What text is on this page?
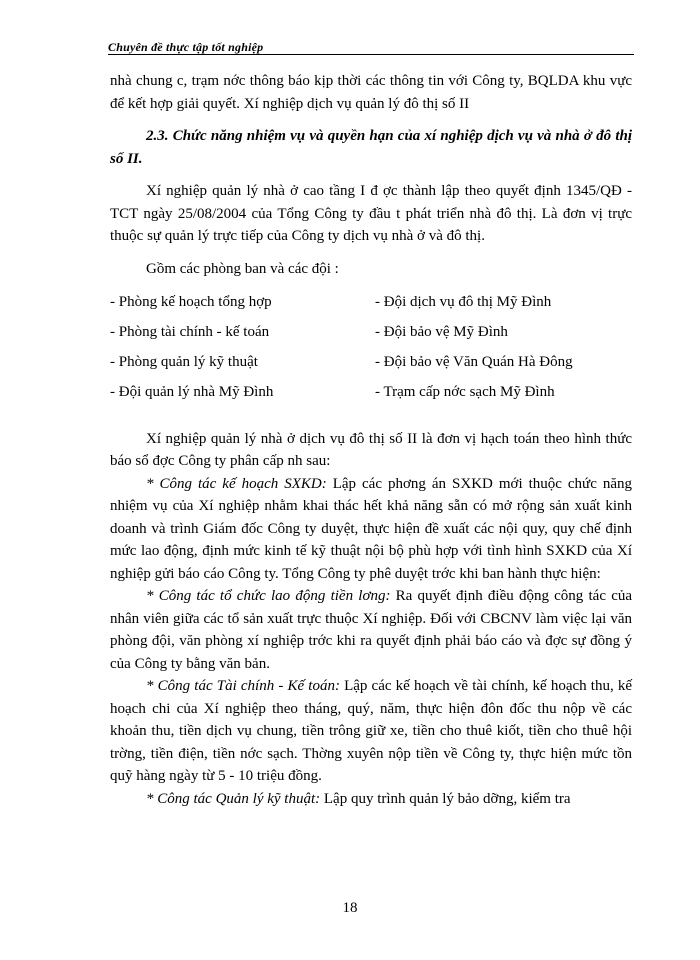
Chuyên đề thực tập tốt nghiệp

nhà chung c, trạm nớc thông báo kịp thời các thông tin với Công ty, BQLDA khu vực để kết hợp giải quyết. Xí nghiệp dịch vụ quản lý đô thị số II

2.3. Chức năng nhiệm vụ và quyền hạn của xí nghiệp dịch vụ và nhà ở đô thị số II.

Xí nghiệp quản lý nhà ở cao tầng I đ ợc thành lập theo quyết định 1345/QĐ -TCT ngày 25/08/2004 của Tổng Công ty đầu t phát triển nhà đô thị. Là đơn vị trực thuộc sự quản lý trực tiếp của Công ty dịch vụ nhà ở và đô thị.

Gồm các phòng ban và các đội :

- Phòng kế hoạch tổng hợp	- Đội dịch vụ đô thị Mỹ Đình
- Phòng tài chính - kế toán	- Đội bảo vệ Mỹ Đình
- Phòng quản lý kỹ thuật	- Đội bảo vệ Văn Quán Hà Đông
- Đội quản lý nhà Mỹ Đình	- Trạm cấp nớc sạch Mỹ Đình

Xí nghiệp quản lý nhà ở dịch vụ đô thị số II là đơn vị hạch toán theo hình thức báo sổ đợc Công ty phân cấp nh sau:

* Công tác kế hoạch SXKD: Lập các phơng án SXKD mới thuộc chức năng nhiệm vụ của Xí nghiệp nhằm khai thác hết khả năng sẵn có mở rộng sản xuất kinh doanh và trình Giám đốc Công ty duyệt, thực hiện đề xuất các nội quy, quy chế định mức lao động, định mức kinh tế kỹ thuật nội bộ phù hợp với tình hình SXKD của Xí nghiệp gửi báo cáo Công ty. Tổng Công ty phê duyệt trớc khi ban hành thực hiện:

* Công tác tổ chức lao động tiền lơng: Ra quyết định điều động công tác của nhân viên giữa các tổ sản xuất trực thuộc Xí nghiệp. Đối với CBCNV làm việc lại văn phòng đội, văn phòng xí nghiệp trớc khi ra quyết định phải báo cáo và đợc sự đồng ý của Công ty bằng văn bản.

* Công tác Tài chính - Kế toán: Lập các kế hoạch về tài chính, kế hoạch thu, kế hoạch chi của Xí nghiệp theo tháng, quý, năm, thực hiện đôn đốc thu nộp về các khoản thu, tiền dịch vụ chung, tiền trông giữ xe, tiền cho thuê kiốt, tiền cho thuê hội trờng, tiền điện, tiền nớc sạch. Thờng xuyên nộp tiền về Công ty, thực hiện mức tồn quỹ hàng ngày từ 5 - 10 triệu đồng.

* Công tác Quản lý kỹ thuật: Lập quy trình quản lý bảo dỡng, kiểm tra

18
